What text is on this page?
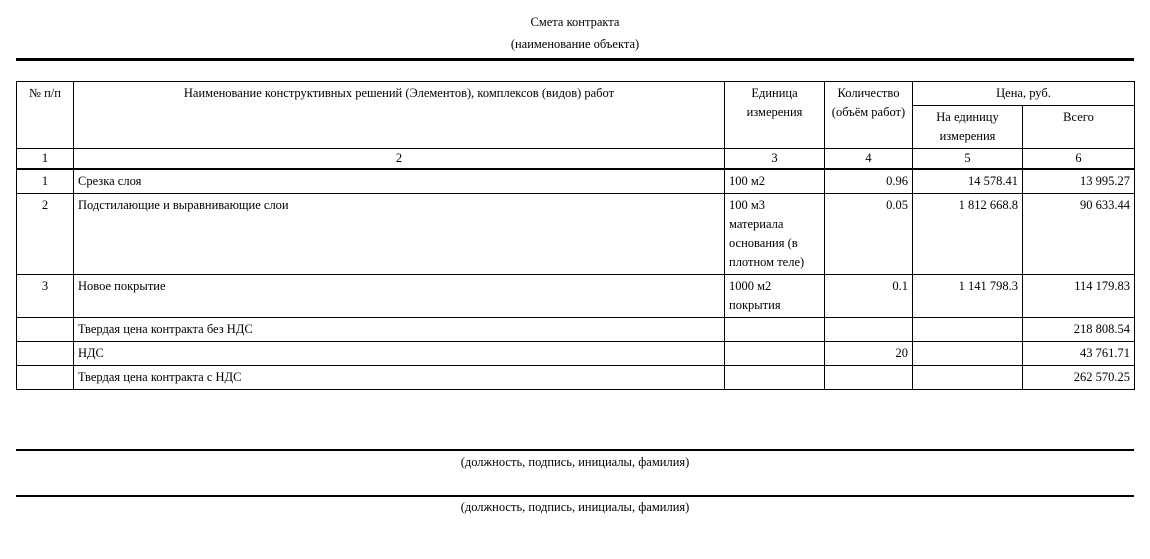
Смета контракта
(наименование объекта)
№ п/п	Наименование конструктивных решений (Элементов), комплексов (видов) работ	Единица измерения	Количество (объём работ)	Цена, руб.	
				На единицу измерения	Всего
1	2	3	4	5	6
1	Срезка слоя	100 м2	0.96	14 578.41	13 995.27
2	Подстилающие и выравнивающие слои	100 м3 материала основания (в плотном теле)	0.05	1 812 668.8	90 633.44
3	Новое покрытие	1000 м2 покрытия	0.1	1 141 798.3	114 179.83
	Твердая цена контракта без НДС				218 808.54
	НДС		20		43 761.71
	Твердая цена контракта с НДС				262 570.25
(должность, подпись, инициалы, фамилия)
(должность, подпись, инициалы, фамилия)
